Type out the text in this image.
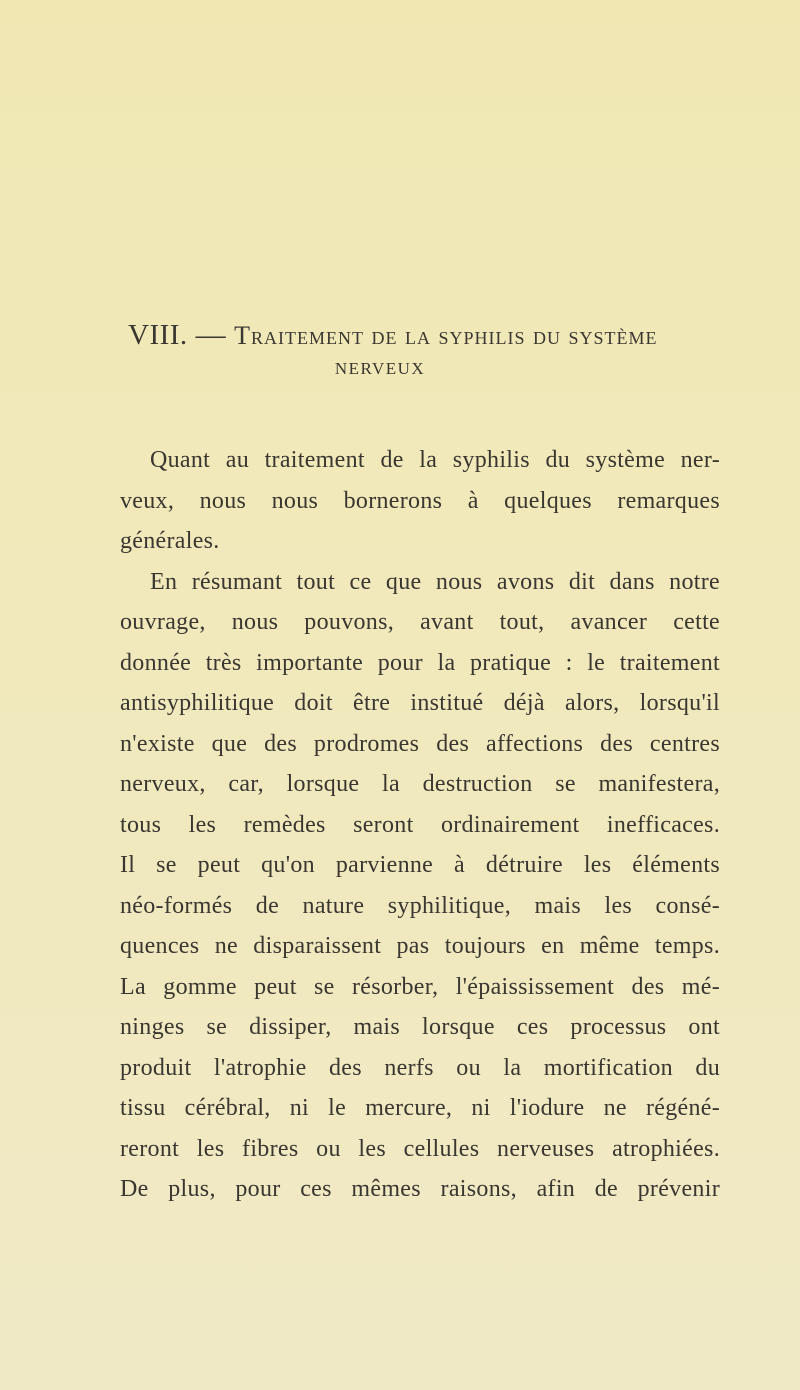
VIII. — Traitement de la syphilis du système
NERVEUX
Quant au traitement de la syphilis du système ner-
veux, nous nous bornerons à quelques remarques
générales.
En résumant tout ce que nous avons dit dans notre
ouvrage, nous pouvons, avant tout, avancer cette
donnée très importante pour la pratique : le traitement
antisyphilitique doit être institué déjà alors, lorsqu'il
n'existe que des prodromes des affections des centres
nerveux, car, lorsque la destruction se manifestera,
tous les remèdes seront ordinairement inefficaces.
Il se peut qu'on parvienne à détruire les éléments
néo-formés de nature syphilitique, mais les consé-
quences ne disparaissent pas toujours en même temps.
La gomme peut se résorber, l'épaississement des mé-
ninges se dissiper, mais lorsque ces processus ont
produit l'atrophie des nerfs ou la mortification du
tissu cérébral, ni le mercure, ni l'iodure ne régéné-
reront les fibres ou les cellules nerveuses atrophiées.
De plus, pour ces mêmes raisons, afin de prévenir
